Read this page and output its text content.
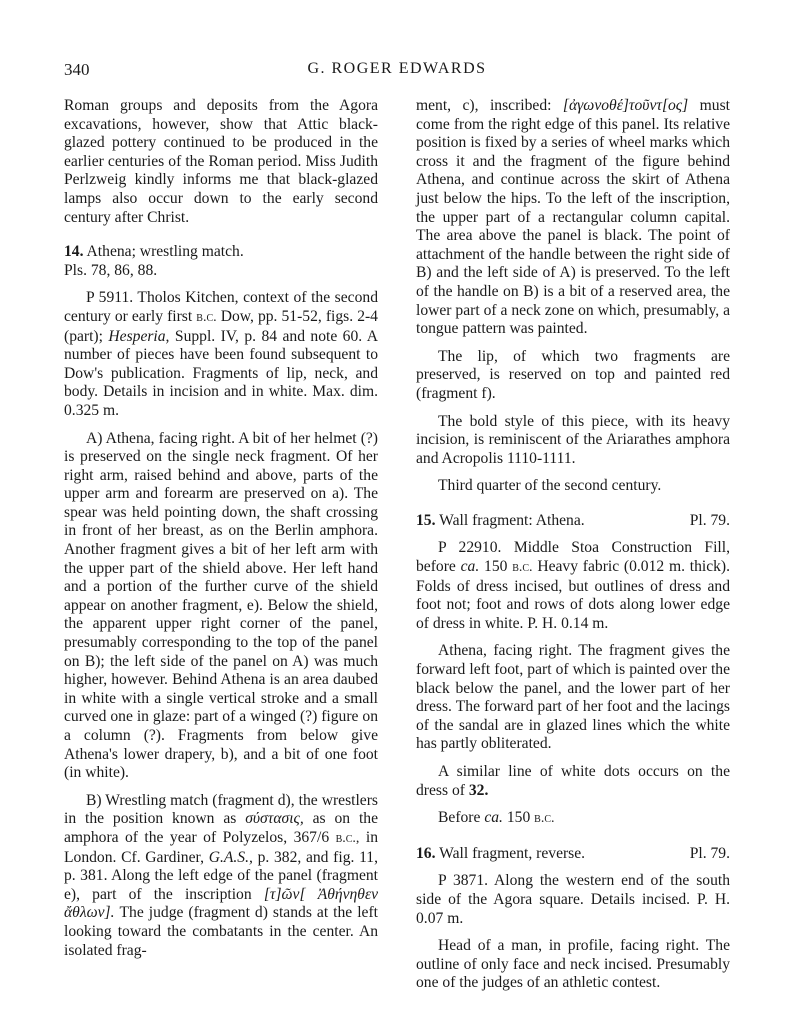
340	G. ROGER EDWARDS

Roman groups and deposits from the Agora excavations, however, show that Attic black-glazed pottery continued to be produced in the earlier centuries of the Roman period. Miss Judith Perlzweig kindly informs me that black-glazed lamps also occur down to the early second century after Christ.

14. Athena; wrestling match.

Pls. 78, 86, 88.

P 5911. Tholos Kitchen, context of the second century or early first b.c. Dow, pp. 51-52, figs. 2-4 (part); Hesperia, Suppl. IV, p. 84 and note 60. A number of pieces have been found subsequent to Dow's publication. Fragments of lip, neck, and body. Details in incision and in white. Max. dim. 0.325 m.

A) Athena, facing right. A bit of her helmet (?) is preserved on the single neck fragment. Of her right arm, raised behind and above, parts of the upper arm and forearm are preserved on a). The spear was held pointing down, the shaft crossing in front of her breast, as on the Berlin amphora. Another fragment gives a bit of her left arm with the upper part of the shield above. Her left hand and a portion of the further curve of the shield appear on another fragment, e). Below the shield, the apparent upper right corner of the panel, presumably corresponding to the top of the panel on B); the left side of the panel on A) was much higher, however. Behind Athena is an area daubed in white with a single vertical stroke and a small curved one in glaze: part of a winged (?) figure on a column (?). Fragments from below give Athena's lower drapery, b), and a bit of one foot (in white).

B) Wrestling match (fragment d), the wrestlers in the position known as σύστασις, as on the amphora of the year of Polyzelos, 367/6 b.c., in London. Cf. Gardiner, G.A.S., p. 382, and fig. 11, p. 381. Along the left edge of the panel (fragment e), part of the inscription [τ]ῶν[ Ἀθήνηθεν ἄθλων]. The judge (fragment d) stands at the left looking toward the combatants in the center. An isolated frag-

ment, c), inscribed: [ἀγωνοθέ]τοῦντ[ος] must come from the right edge of this panel. Its relative position is fixed by a series of wheel marks which cross it and the fragment of the figure behind Athena, and continue across the skirt of Athena just below the hips. To the left of the inscription, the upper part of a rectangular column capital. The area above the panel is black. The point of attachment of the handle between the right side of B) and the left side of A) is preserved. To the left of the handle on B) is a bit of a reserved area, the lower part of a neck zone on which, presumably, a tongue pattern was painted.

The lip, of which two fragments are preserved, is reserved on top and painted red (fragment f).

The bold style of this piece, with its heavy incision, is reminiscent of the Ariarathes amphora and Acropolis 1110-1111.

Third quarter of the second century.

15. Wall fragment: Athena.	Pl. 79.

P 22910. Middle Stoa Construction Fill, before ca. 150 b.c. Heavy fabric (0.012 m. thick). Folds of dress incised, but outlines of dress and foot not; foot and rows of dots along lower edge of dress in white. P. H. 0.14 m.

Athena, facing right. The fragment gives the forward left foot, part of which is painted over the black below the panel, and the lower part of her dress. The forward part of her foot and the lacings of the sandal are in glazed lines which the white has partly obliterated.

A similar line of white dots occurs on the dress of 32.

Before ca. 150 b.c.

16. Wall fragment, reverse.	Pl. 79.

P 3871. Along the western end of the south side of the Agora square. Details incised. P. H. 0.07 m.

Head of a man, in profile, facing right. The outline of only face and neck incised. Presumably one of the judges of an athletic contest.
